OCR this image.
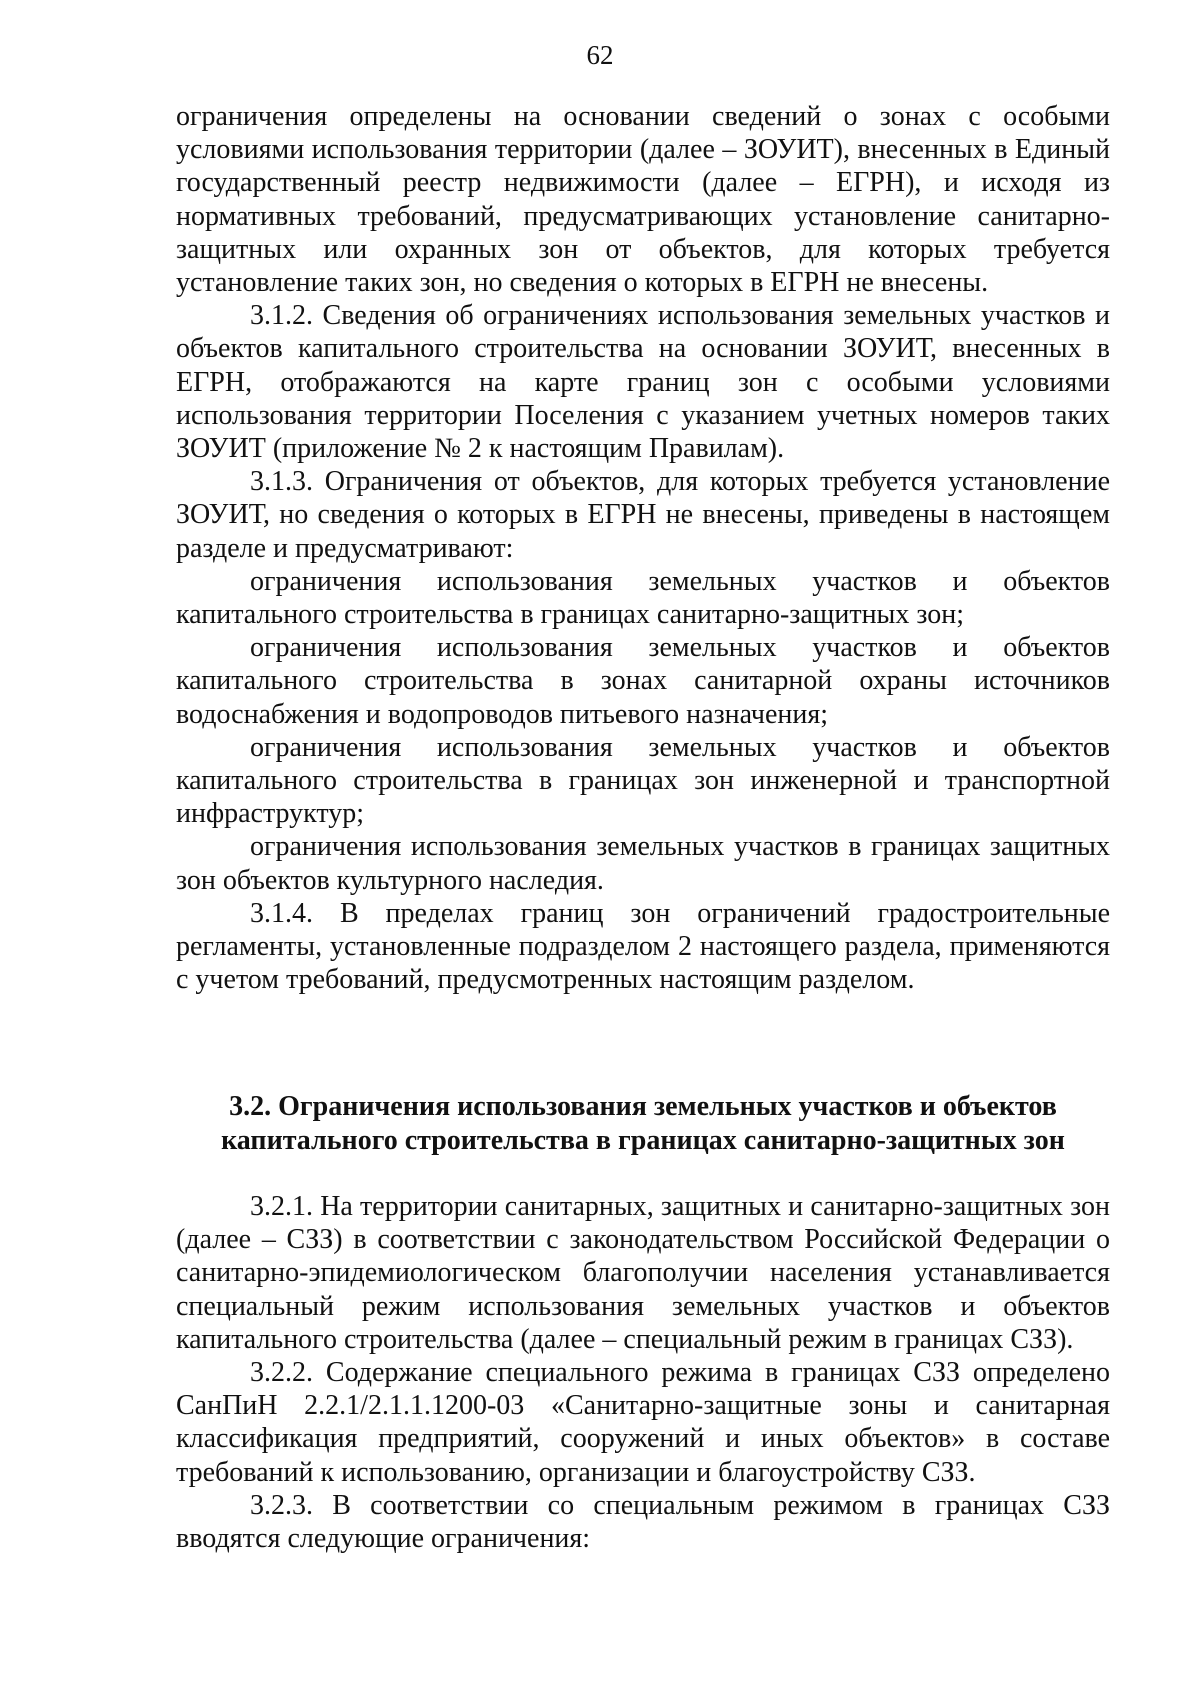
62

ограничения определены на основании сведений о зонах с особыми условиями использования территории (далее – ЗОУИТ), внесенных в Единый государственный реестр недвижимости (далее – ЕГРН), и исходя из нормативных требований, предусматривающих установление санитарно-защитных или охранных зон от объектов, для которых требуется установление таких зон, но сведения о которых в ЕГРН не внесены.

3.1.2. Сведения об ограничениях использования земельных участков и объектов капитального строительства на основании ЗОУИТ, внесенных в ЕГРН, отображаются на карте границ зон с особыми условиями использования территории Поселения с указанием учетных номеров таких ЗОУИТ (приложение № 2 к настоящим Правилам).

3.1.3. Ограничения от объектов, для которых требуется установление ЗОУИТ, но сведения о которых в ЕГРН не внесены, приведены в настоящем разделе и предусматривают:

ограничения использования земельных участков и объектов капитального строительства в границах санитарно-защитных зон;

ограничения использования земельных участков и объектов капитального строительства в зонах санитарной охраны источников водоснабжения и водопроводов питьевого назначения;

ограничения использования земельных участков и объектов капитального строительства в границах зон инженерной и транспортной инфраструктур;

ограничения использования земельных участков в границах защитных зон объектов культурного наследия.

3.1.4. В пределах границ зон ограничений градостроительные регламенты, установленные подразделом 2 настоящего раздела, применяются с учетом требований, предусмотренных настоящим разделом.

3.2. Ограничения использования земельных участков и объектов
капитального строительства в границах санитарно-защитных зон

3.2.1. На территории санитарных, защитных и санитарно-защитных зон (далее – СЗЗ) в соответствии с законодательством Российской Федерации о санитарно-эпидемиологическом благополучии населения устанавливается специальный режим использования земельных участков и объектов капитального строительства (далее – специальный режим в границах СЗЗ).

3.2.2. Содержание специального режима в границах СЗЗ определено СанПиН 2.2.1/2.1.1.1200-03 «Санитарно-защитные зоны и санитарная классификация предприятий, сооружений и иных объектов» в составе требований к использованию, организации и благоустройству СЗЗ.

3.2.3. В соответствии со специальным режимом в границах СЗЗ вводятся следующие ограничения:
